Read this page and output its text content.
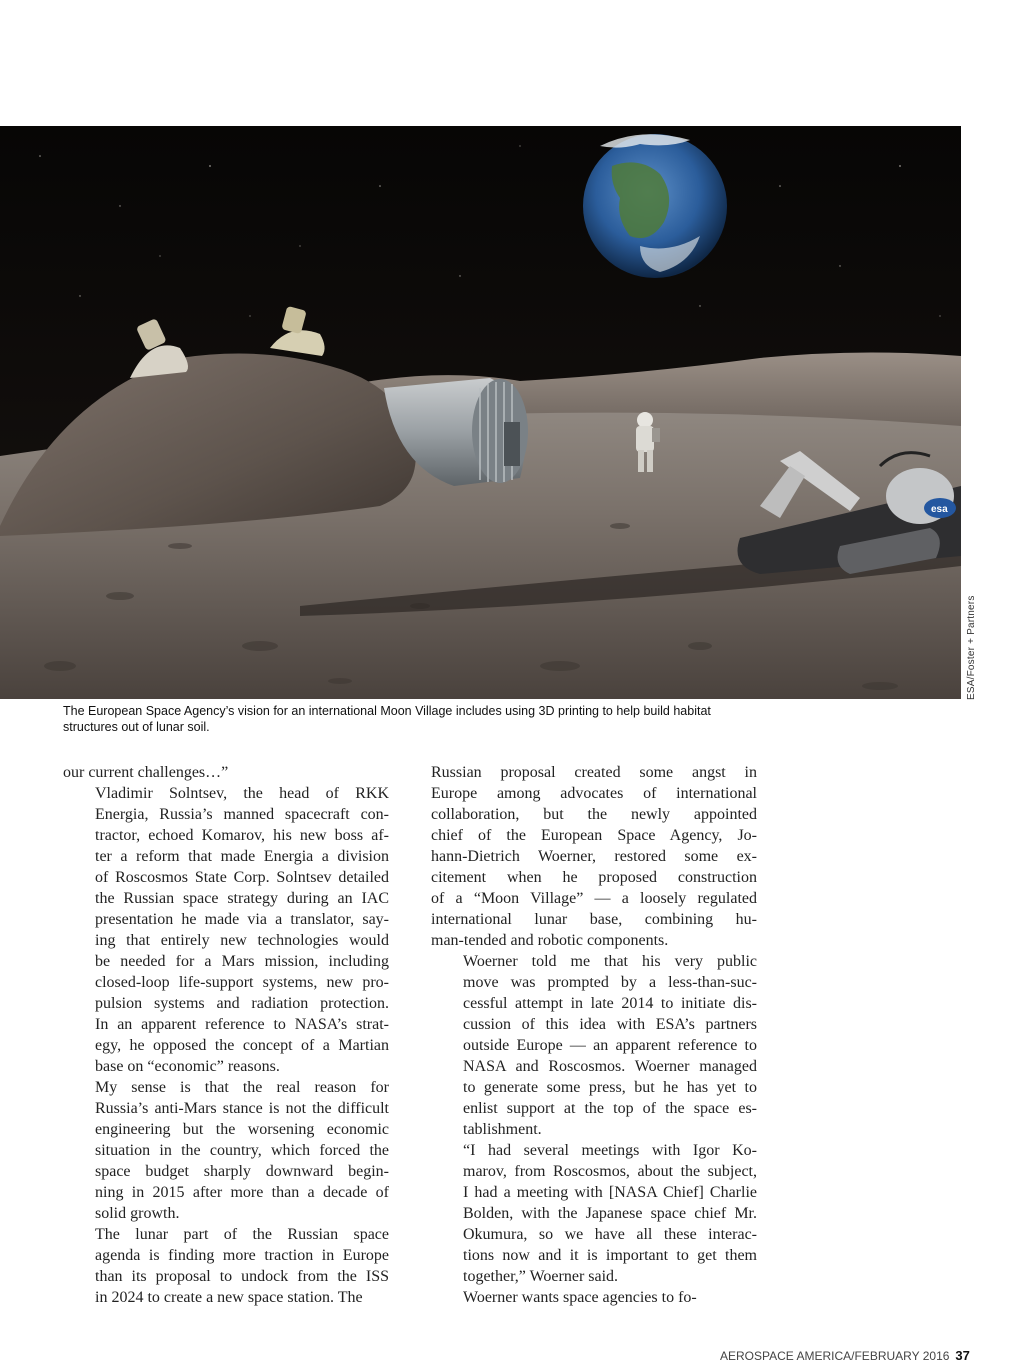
esa
ESA/Foster + Partners
The European Space Agency’s vision for an international Moon Village includes using 3D printing to help build habitat structures out of lunar soil.

our current challenges…”

Vladimir Solntsev, the head of RKK
Energia, Russia’s manned spacecraft con-
tractor, echoed Komarov, his new boss af-
ter a reform that made Energia a division
of Roscosmos State Corp. Solntsev detailed
the Russian space strategy during an IAC
presentation he made via a translator, say-
ing that entirely new technologies would
be needed for a Mars mission, including
closed-loop life-support systems, new pro-
pulsion systems and radiation protection.
In an apparent reference to NASA’s strat-
egy, he opposed the concept of a Martian
base on “economic” reasons.

My sense is that the real reason for
Russia’s anti-Mars stance is not the difficult
engineering but the worsening economic
situation in the country, which forced the
space budget sharply downward begin-
ning in 2015 after more than a decade of
solid growth.

The lunar part of the Russian space
agenda is finding more traction in Europe
than its proposal to undock from the ISS
in 2024 to create a new space station. The

Russian proposal created some angst in
Europe among advocates of international
collaboration, but the newly appointed
chief of the European Space Agency, Jo-
hann-Dietrich Woerner, restored some ex-
citement when he proposed construction
of a “Moon Village” — a loosely regulated
international lunar base, combining hu-
man-tended and robotic components.

Woerner told me that his very public
move was prompted by a less-than-suc-
cessful attempt in late 2014 to initiate dis-
cussion of this idea with ESA’s partners
outside Europe — an apparent reference to
NASA and Roscosmos. Woerner managed
to generate some press, but he has yet to
enlist support at the top of the space es-
tablishment.

“I had several meetings with Igor Ko-
marov, from Roscosmos, about the subject,
I had a meeting with [NASA Chief] Charlie
Bolden, with the Japanese space chief Mr.
Okumura, so we have all these interac-
tions now and it is important to get them
together,” Woerner said.

Woerner wants space agencies to fo-

AEROSPACE AMERICA/FEBRUARY 2016 37
